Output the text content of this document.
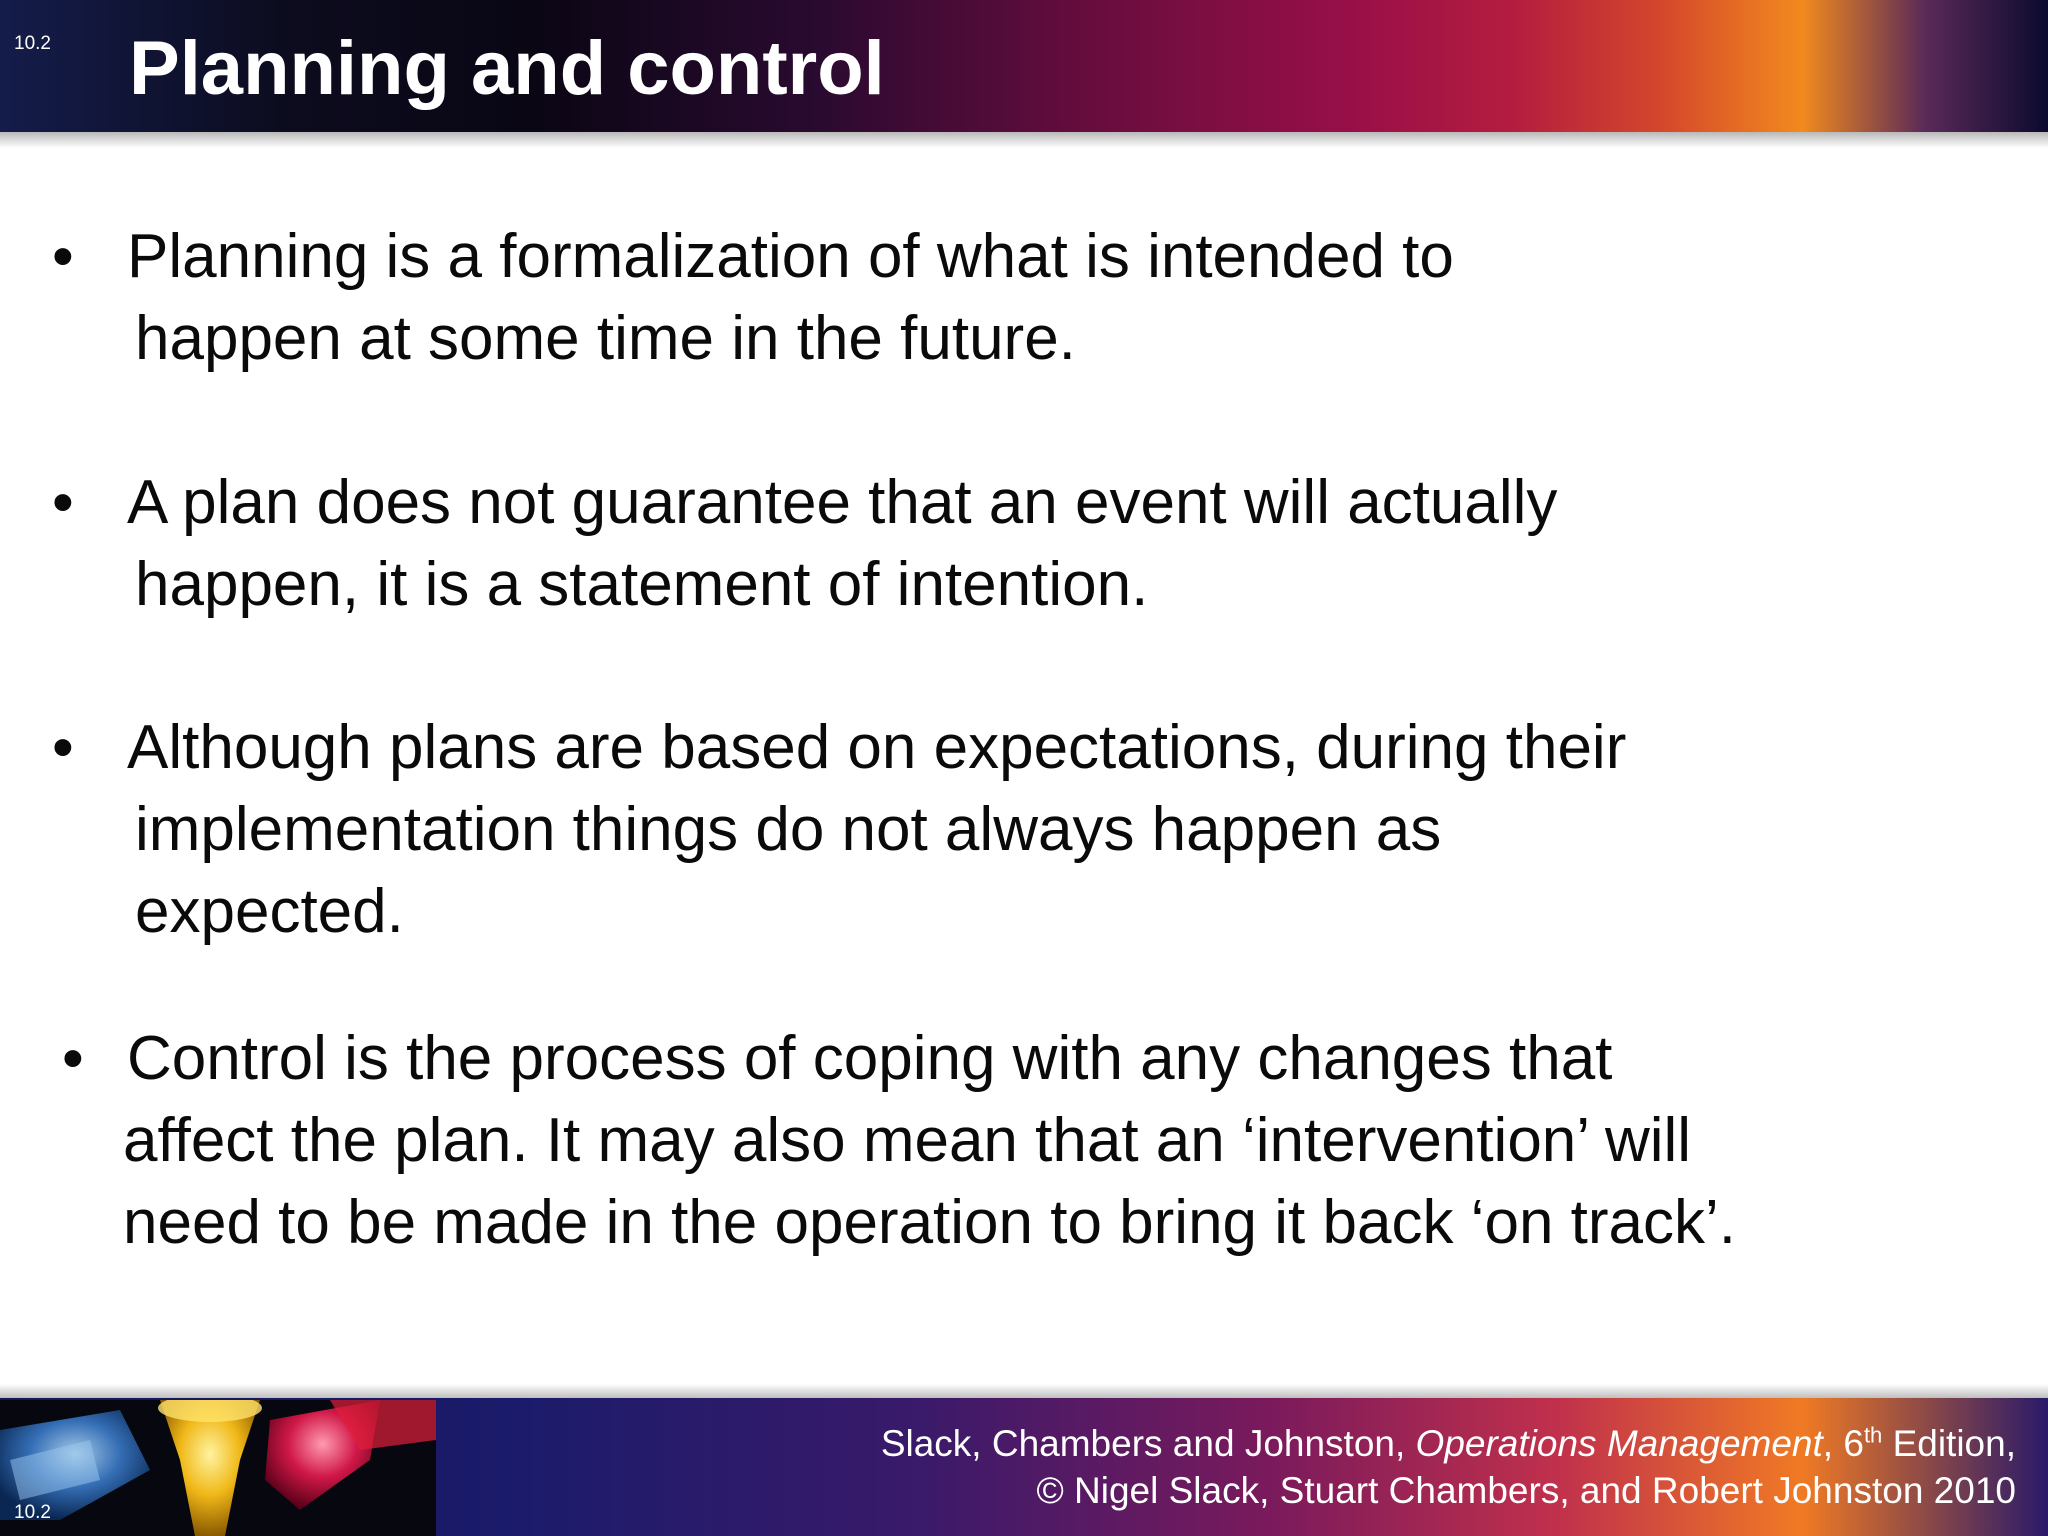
10.2 Planning and control
• Planning is a formalization of what is intended to
happen at some time in the future.
• A plan does not guarantee that an event will actually
happen, it is a statement of intention.
• Although plans are based on expectations, during their
implementation things do not always happen as
expected.
• Control is the process of coping with any changes that
affect the plan. It may also mean that an ‘intervention’ will
need to be made in the operation to bring it back ‘on track’.
10.2
Slack, Chambers and Johnston, Operations Management, 6th Edition,
© Nigel Slack, Stuart Chambers, and Robert Johnston 2010
